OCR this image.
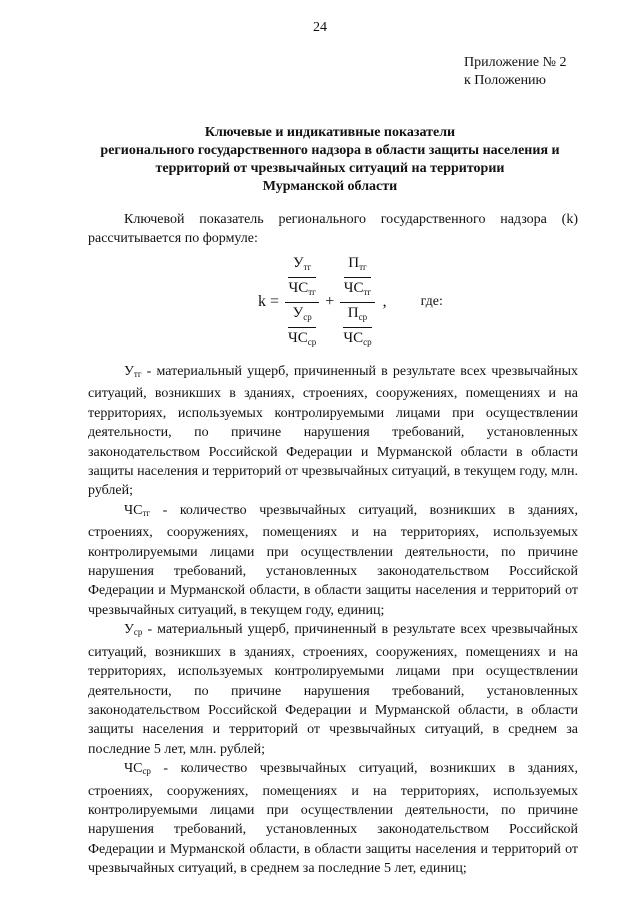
24
Приложение № 2
к Положению
Ключевые и индикативные показатели
регионального государственного надзора в области защиты населения и
территорий от чрезвычайных ситуаций на территории
Мурманской области
Ключевой показатель регионального государственного надзора (k) рассчитывается по формуле:
$k = \frac{\frac{У_{тг}}{ЧС_{тг}}}{\frac{У_{ср}}{ЧС_{ср}}} + \frac{\frac{П_{тг}}{ЧС_{тг}}}{\frac{П_{ср}}{ЧС_{ср}}}$ , где:

$У_{тг}$ - материальный ущерб, причиненный в результате всех чрезвычайных ситуаций, возникших в зданиях, строениях, сооружениях, помещениях и на территориях, используемых контролируемыми лицами при осуществлении деятельности, по причине нарушения требований, установленных законодательством Российской Федерации и Мурманской области в области защиты населения и территорий от чрезвычайных ситуаций, в текущем году, млн. рублей;

$ЧС_{тг}$ - количество чрезвычайных ситуаций, возникших в зданиях, строениях, сооружениях, помещениях и на территориях, используемых контролируемыми лицами при осуществлении деятельности, по причине нарушения требований, установленных законодательством Российской Федерации и Мурманской области, в области защиты населения и территорий от чрезвычайных ситуаций, в текущем году, единиц;

$У_{ср}$ - материальный ущерб, причиненный в результате всех чрезвычайных ситуаций, возникших в зданиях, строениях, сооружениях, помещениях и на территориях, используемых контролируемыми лицами при осуществлении деятельности, по причине нарушения требований, установленных законодательством Российской Федерации и Мурманской области, в области защиты населения и территорий от чрезвычайных ситуаций, в среднем за последние 5 лет, млн. рублей;

$ЧС_{ср}$ - количество чрезвычайных ситуаций, возникших в зданиях, строениях, сооружениях, помещениях и на территориях, используемых контролируемыми лицами при осуществлении деятельности, по причине нарушения требований, установленных законодательством Российской Федерации и Мурманской области, в области защиты населения и территорий от чрезвычайных ситуаций, в среднем за последние 5 лет, единиц;
